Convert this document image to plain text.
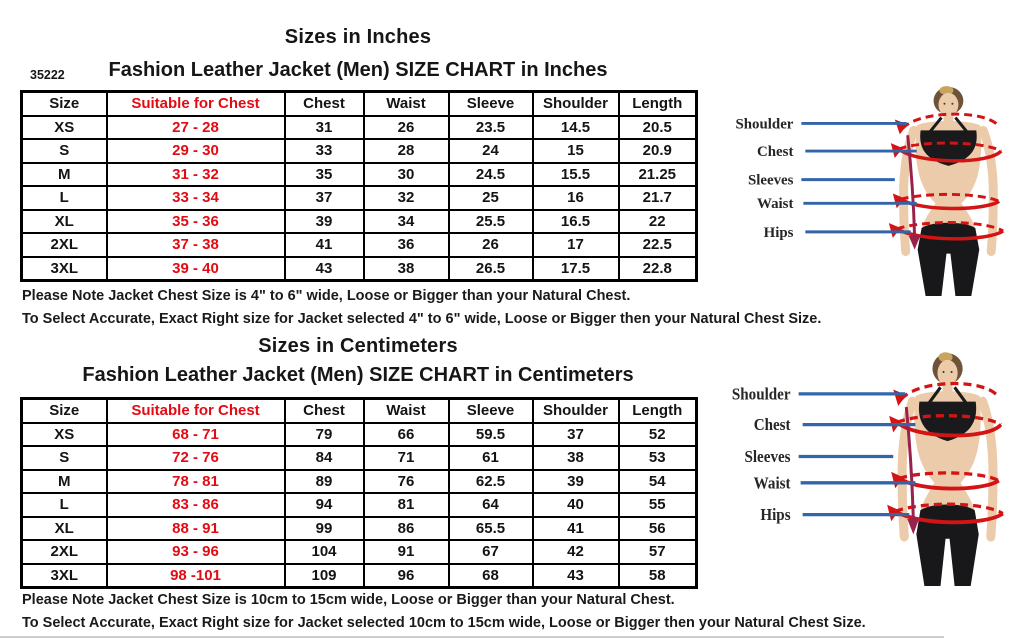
Sizes in Inches
35222	Fashion Leather Jacket (Men) SIZE CHART in Inches
Size	Suitable for Chest	Chest	Waist	Sleeve	Shoulder	Length
XS	27 - 28	31	26	23.5	14.5	20.5
S	29 - 30	33	28	24	15	20.9
M	31 - 32	35	30	24.5	15.5	21.25
L	33 - 34	37	32	25	16	21.7
XL	35 - 36	39	34	25.5	16.5	22
2XL	37 - 38	41	36	26	17	22.5
3XL	39 - 40	43	38	26.5	17.5	22.8
Please Note Jacket Chest Size is 4" to 6" wide, Loose or Bigger than your Natural Chest.
To Select Accurate, Exact Right size for Jacket selected 4" to 6" wide, Loose or Bigger then your Natural Chest Size.
Sizes in Centimeters
Fashion Leather Jacket (Men) SIZE CHART in Centimeters
Size	Suitable for Chest	Chest	Waist	Sleeve	Shoulder	Length
XS	68 - 71	79	66	59.5	37	52
S	72 - 76	84	71	61	38	53
M	78 - 81	89	76	62.5	39	54
L	83 - 86	94	81	64	40	55
XL	88 - 91	99	86	65.5	41	56
2XL	93 - 96	104	91	67	42	57
3XL	98 -101	109	96	68	43	58
Please Note Jacket Chest Size is 10cm to 15cm wide, Loose or Bigger than your Natural Chest.
To Select Accurate, Exact Right size for Jacket selected 10cm to 15cm wide, Loose or Bigger then your Natural Chest Size.
Shoulder
Chest
Sleeves
Waist
Hips
Shoulder
Chest
Sleeves
Waist
Hips
